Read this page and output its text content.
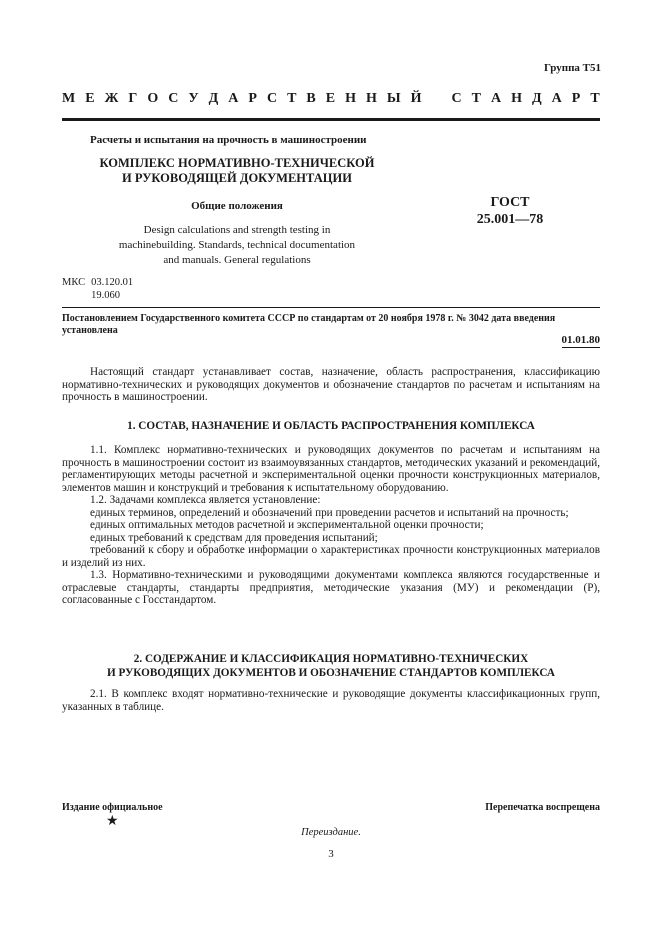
Группа Т51
М Е Ж Г О С У Д А Р С Т В Е Н Н Ы Й С Т А Н Д А Р Т
Расчеты и испытания на прочность в машиностроении
КОМПЛЕКС НОРМАТИВНО-ТЕХНИЧЕСКОЙ
И РУКОВОДЯЩЕЙ ДОКУМЕНТАЦИИ
Общие положения	ГОСТ
25.001—78
Design calculations and strength testing in
machinebuilding. Standards, technical documentation
and manuals. General regulations
МКС 03.120.01
19.060
Постановлением Государственного комитета СССР по стандартам от 20 ноября 1978 г. № 3042 дата введения установлена
01.01.80

Настоящий стандарт устанавливает состав, назначение, область распространения, классификацию нормативно-технических и руководящих документов и обозначение стандартов по расчетам и испытаниям на прочность в машиностроении.

1. СОСТАВ, НАЗНАЧЕНИЕ И ОБЛАСТЬ РАСПРОСТРАНЕНИЯ КОМПЛЕКСА

1.1. Комплекс нормативно-технических и руководящих документов по расчетам и испытаниям на прочность в машиностроении состоит из взаимоувязанных стандартов, методических указаний и рекомендаций, регламентирующих методы расчетной и экспериментальной оценки прочности конструкционных материалов, элементов машин и конструкций и требования к испытательному оборудованию.

1.2. Задачами комплекса является установление:

единых терминов, определений и обозначений при проведении расчетов и испытаний на прочность;

единых оптимальных методов расчетной и экспериментальной оценки прочности;

единых требований к средствам для проведения испытаний;

требований к сбору и обработке информации о характеристиках прочности конструкционных материалов и изделий из них.

1.3. Нормативно-техническими и руководящими документами комплекса являются государственные и отраслевые стандарты, стандарты предприятия, методические указания (МУ) и рекомендации (Р), согласованные с Госстандартом.

2. СОДЕРЖАНИЕ И КЛАССИФИКАЦИЯ НОРМАТИВНО-ТЕХНИЧЕСКИХ
И РУКОВОДЯЩИХ ДОКУМЕНТОВ И ОБОЗНАЧЕНИЕ СТАНДАРТОВ КОМПЛЕКСА

2.1. В комплекс входят нормативно-технические и руководящие документы классификационных групп, указанных в таблице.

Издание официальное	Перепечатка воспрещена
★
Переиздание.
3
